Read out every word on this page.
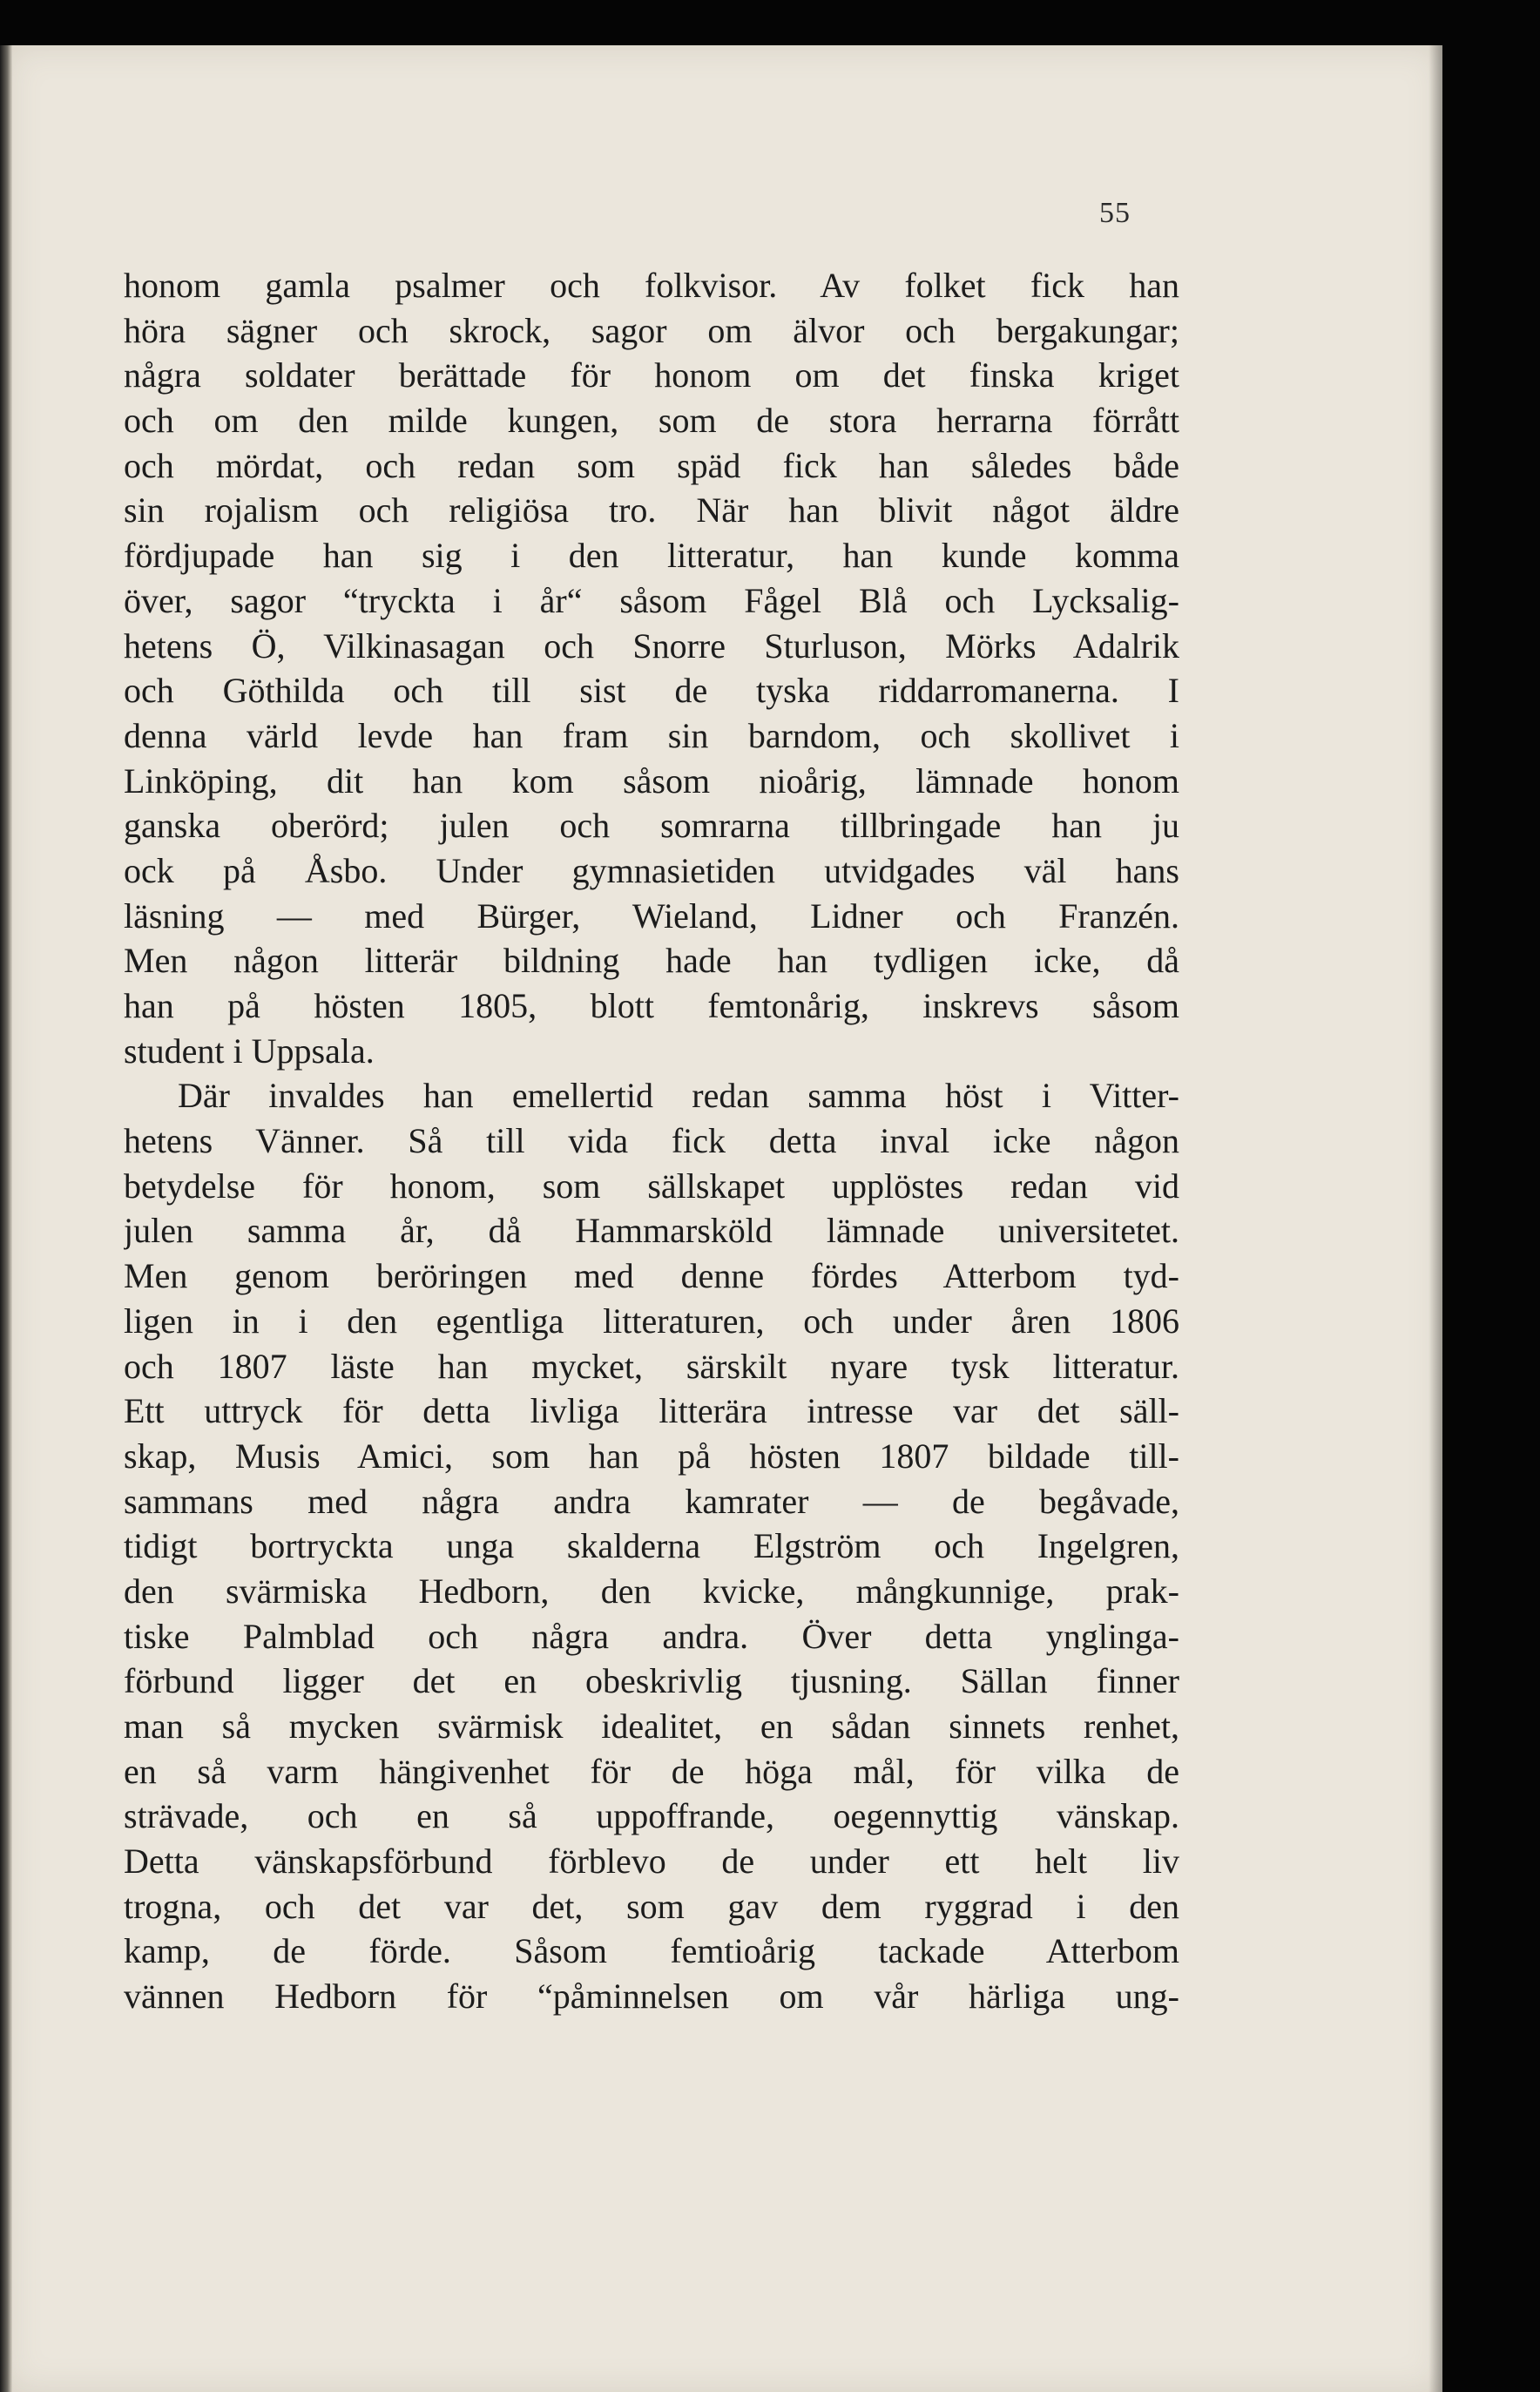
55

honom gamla psalmer och folkvisor. Av folket fick han

höra sägner och skrock, sagor om älvor och bergakungar;

några soldater berättade för honom om det finska kriget

och om den milde kungen, som de stora herrarna förrått

och mördat, och redan som späd fick han således både

sin rojalism och religiösa tro. När han blivit något äldre

fördjupade han sig i den litteratur, han kunde komma

över, sagor “tryckta i år“ såsom Fågel Blå och Lycksalig-

hetens Ö, Vilkinasagan och Snorre Sturluson, Mörks Adalrik

och Göthilda och till sist de tyska riddarromanerna. I

denna värld levde han fram sin barndom, och skollivet i

Linköping, dit han kom såsom nioårig, lämnade honom

ganska oberörd; julen och somrarna tillbringade han ju

ock på Åsbo. Under gymnasietiden utvidgades väl hans

läsning — med Bürger, Wieland, Lidner och Franzén.

Men någon litterär bildning hade han tydligen icke, då

han på hösten 1805, blott femtonårig, inskrevs såsom

student i Uppsala.

Där invaldes han emellertid redan samma höst i Vitter-

hetens Vänner. Så till vida fick detta inval icke någon

betydelse för honom, som sällskapet upplöstes redan vid

julen samma år, då Hammarsköld lämnade universitetet.

Men genom beröringen med denne fördes Atterbom tyd-

ligen in i den egentliga litteraturen, och under åren 1806

och 1807 läste han mycket, särskilt nyare tysk litteratur.

Ett uttryck för detta livliga litterära intresse var det säll-

skap, Musis Amici, som han på hösten 1807 bildade till-

sammans med några andra kamrater — de begåvade,

tidigt bortryckta unga skalderna Elgström och Ingelgren,

den svärmiska Hedborn, den kvicke, mångkunnige, prak-

tiske Palmblad och några andra. Över detta ynglinga-

förbund ligger det en obeskrivlig tjusning. Sällan finner

man så mycken svärmisk idealitet, en sådan sinnets renhet,

en så varm hängivenhet för de höga mål, för vilka de

strävade, och en så uppoffrande, oegennyttig vänskap.

Detta vänskapsförbund förblevo de under ett helt liv

trogna, och det var det, som gav dem ryggrad i den

kamp, de förde. Såsom femtioårig tackade Atterbom

vännen Hedborn för “påminnelsen om vår härliga ung-
